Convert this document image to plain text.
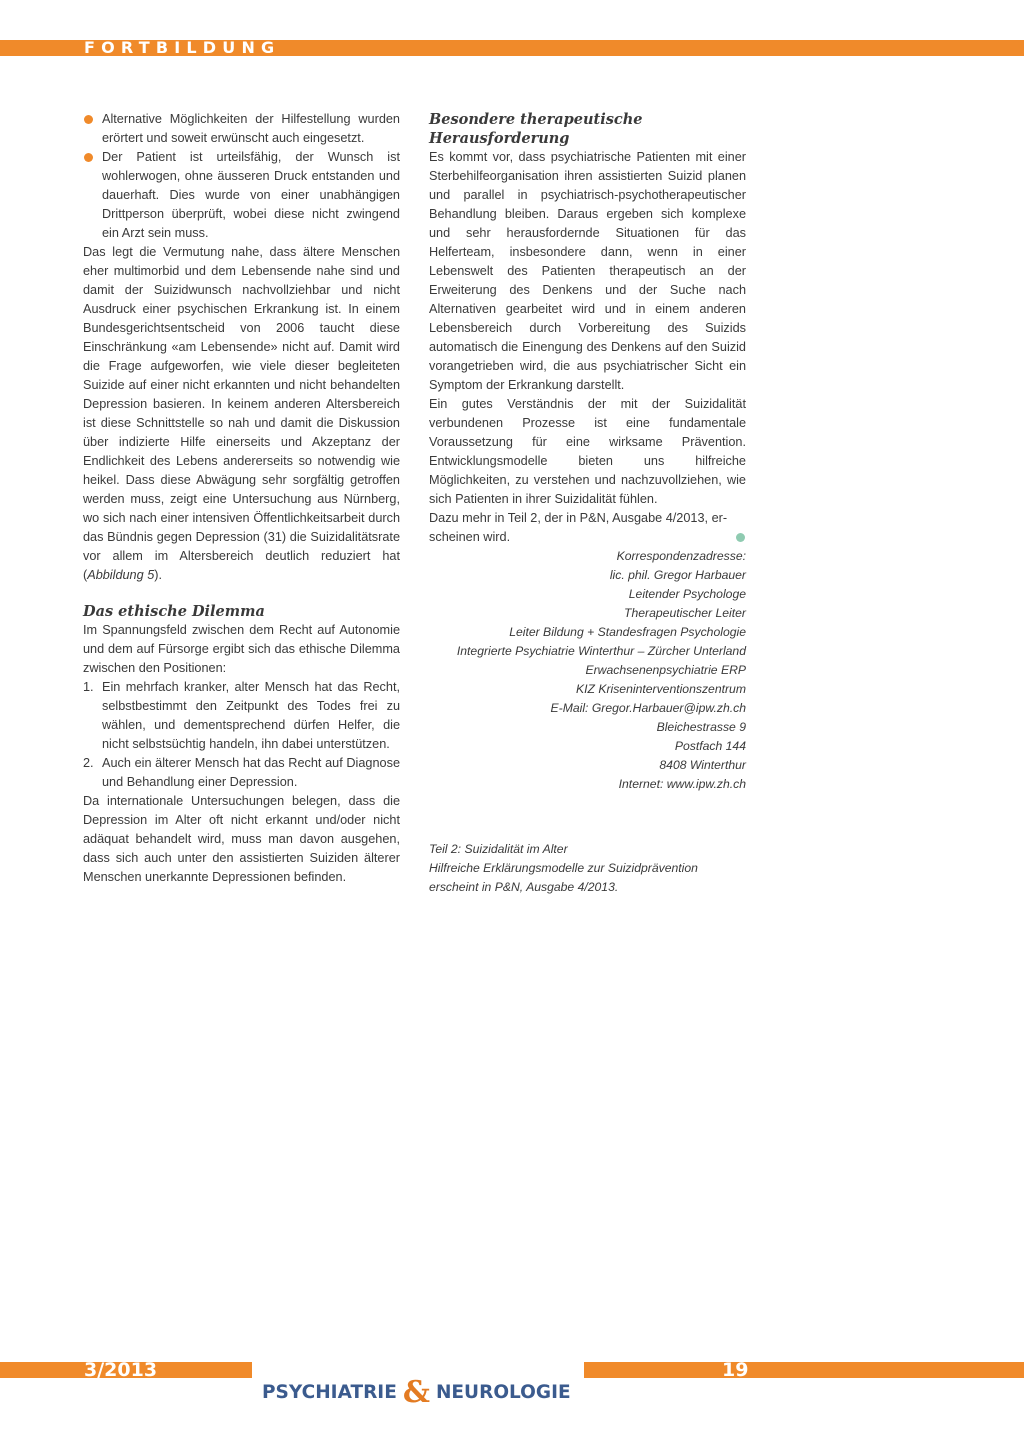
FORTBILDUNG
Alternative Möglichkeiten der Hilfestellung wurden erörtert und soweit erwünscht auch eingesetzt.
Der Patient ist urteilsfähig, der Wunsch ist wohlerwogen, ohne äusseren Druck entstanden und dauerhaft. Dies wurde von einer unabhängigen Drittperson überprüft, wobei diese nicht zwingend ein Arzt sein muss.

Das legt die Vermutung nahe, dass ältere Menschen eher multimorbid und dem Lebensende nahe sind und damit der Suizidwunsch nachvollziehbar und nicht Ausdruck einer psychischen Erkrankung ist. In einem Bundesgerichtsentscheid von 2006 taucht diese Einschränkung «am Lebensende» nicht auf. Damit wird die Frage aufgeworfen, wie viele dieser begleiteten Suizide auf einer nicht erkannten und nicht behandelten Depression basieren. In keinem anderen Altersbereich ist diese Schnittstelle so nah und damit die Diskussion über indizierte Hilfe einerseits und Akzeptanz der Endlichkeit des Lebens andererseits so notwendig wie heikel. Dass diese Abwägung sehr sorgfältig getroffen werden muss, zeigt eine Untersuchung aus Nürnberg, wo sich nach einer intensiven Öffentlichkeitsarbeit durch das Bündnis gegen Depression (31) die Suizidalitätsrate vor allem im Altersbereich deutlich reduziert hat (Abbildung 5).

Das ethische Dilemma

Im Spannungsfeld zwischen dem Recht auf Autonomie und dem auf Fürsorge ergibt sich das ethische Dilemma zwischen den Positionen:

1. Ein mehrfach kranker, alter Mensch hat das Recht, selbstbestimmt den Zeitpunkt des Todes frei zu wählen, und dementsprechend dürfen Helfer, die nicht selbstsüchtig handeln, ihn dabei unterstützen.
2. Auch ein älterer Mensch hat das Recht auf Diagnose und Behandlung einer Depression.

Da internationale Untersuchungen belegen, dass die Depression im Alter oft nicht erkannt und/oder nicht adäquat behandelt wird, muss man davon ausgehen, dass sich auch unter den assistierten Suiziden älterer Menschen unerkannte Depressionen befinden.

Besondere therapeutische
Herausforderung

Es kommt vor, dass psychiatrische Patienten mit einer Sterbehilfeorganisation ihren assistierten Suizid planen und parallel in psychiatrisch-psychotherapeutischer Behandlung bleiben. Daraus ergeben sich komplexe und sehr herausfordernde Situationen für das Helferteam, insbesondere dann, wenn in einer Lebenswelt des Patienten therapeutisch an der Erweiterung des Denkens und der Suche nach Alternativen gearbeitet wird und in einem anderen Lebensbereich durch Vorbereitung des Suizids automatisch die Einengung des Denkens auf den Suizid vorangetrieben wird, die aus psychiatrischer Sicht ein Symptom der Erkrankung darstellt.

Ein gutes Verständnis der mit der Suizidalität verbundenen Prozesse ist eine fundamentale Voraussetzung für eine wirksame Prävention. Entwicklungsmodelle bieten uns hilfreiche Möglichkeiten, zu verstehen und nachzuvollziehen, wie sich Patienten in ihrer Suizidalität fühlen.

Dazu mehr in Teil 2, der in P&N, Ausgabe 4/2013, er-
scheinen wird.
Korrespondenzadresse:
lic. phil. Gregor Harbauer
Leitender Psychologe
Therapeutischer Leiter
Leiter Bildung + Standesfragen Psychologie
Integrierte Psychiatrie Winterthur – Zürcher Unterland
Erwachsenenpsychiatrie ERP
KIZ Kriseninterventionszentrum
E-Mail: Gregor.Harbauer@ipw.zh.ch
Bleichestrasse 9
Postfach 144
8408 Winterthur
Internet: www.ipw.zh.ch
Teil 2: Suizidalität im Alter
Hilfreiche Erklärungsmodelle zur Suizidprävention
erscheint in P&N, Ausgabe 4/2013.
3/2013	19
PSYCHIATRIE & NEUROLOGIE
